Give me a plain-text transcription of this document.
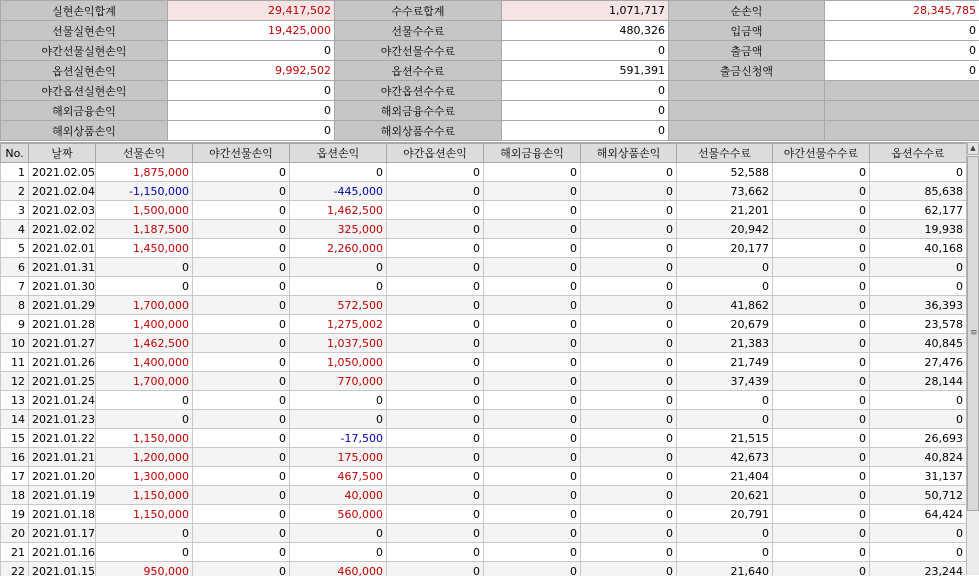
실현손익합계	29,417,502	수수료합계	1,071,717	순손익	28,345,785
선물실현손익	19,425,000	선물수수료	480,326	입금액	0
야간선물실현손익	0	야간선물수수료	0	출금액	0
옵션실현손익	9,992,502	옵션수수료	591,391	출금신청액	0
야간옵션실현손익	0	야간옵션수수료	0		
해외금융손익	0	해외금융수수료	0		
해외상품손익	0	해외상품수수료	0		
No.	날짜	선물손익	야간선물손익	옵션손익	야간옵션손익	해외금융손익	해외상품손익	선물수수료	야간선물수수료	옵션수수료
1	2021.02.05	1,875,000	0	0	0	0	0	52,588	0	0
2	2021.02.04	-1,150,000	0	-445,000	0	0	0	73,662	0	85,638
3	2021.02.03	1,500,000	0	1,462,500	0	0	0	21,201	0	62,177
4	2021.02.02	1,187,500	0	325,000	0	0	0	20,942	0	19,938
5	2021.02.01	1,450,000	0	2,260,000	0	0	0	20,177	0	40,168
6	2021.01.31	0	0	0	0	0	0	0	0	0
7	2021.01.30	0	0	0	0	0	0	0	0	0
8	2021.01.29	1,700,000	0	572,500	0	0	0	41,862	0	36,393
9	2021.01.28	1,400,000	0	1,275,002	0	0	0	20,679	0	23,578
10	2021.01.27	1,462,500	0	1,037,500	0	0	0	21,383	0	40,845
11	2021.01.26	1,400,000	0	1,050,000	0	0	0	21,749	0	27,476
12	2021.01.25	1,700,000	0	770,000	0	0	0	37,439	0	28,144
13	2021.01.24	0	0	0	0	0	0	0	0	0
14	2021.01.23	0	0	0	0	0	0	0	0	0
15	2021.01.22	1,150,000	0	-17,500	0	0	0	21,515	0	26,693
16	2021.01.21	1,200,000	0	175,000	0	0	0	42,673	0	40,824
17	2021.01.20	1,300,000	0	467,500	0	0	0	21,404	0	31,137
18	2021.01.19	1,150,000	0	40,000	0	0	0	20,621	0	50,712
19	2021.01.18	1,150,000	0	560,000	0	0	0	20,791	0	64,424
20	2021.01.17	0	0	0	0	0	0	0	0	0
21	2021.01.16	0	0	0	0	0	0	0	0	0
22	2021.01.15	950,000	0	460,000	0	0	0	21,640	0	23,244
▲
≡
